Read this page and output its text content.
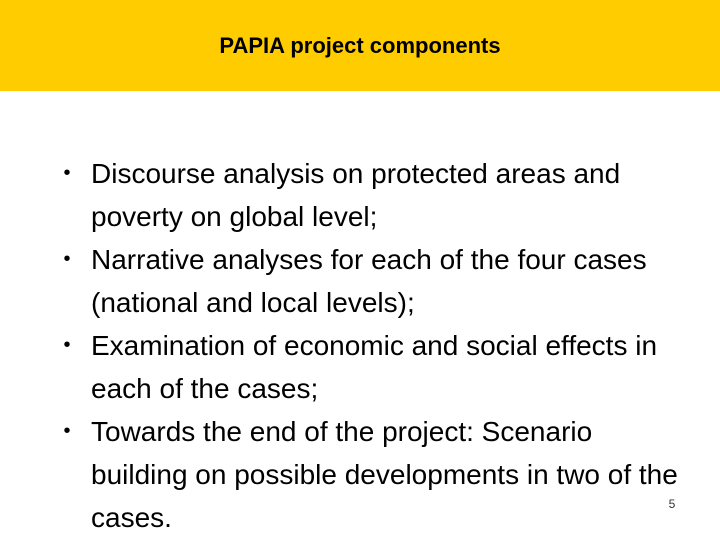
PAPIA project components
• Discourse analysis on protected areas and poverty on global level;
• Narrative analyses for each of the four cases (national and local levels);
• Examination of economic and social effects in each of the cases;
• Towards the end of the project: Scenario building on possible developments in two of the cases.	5
